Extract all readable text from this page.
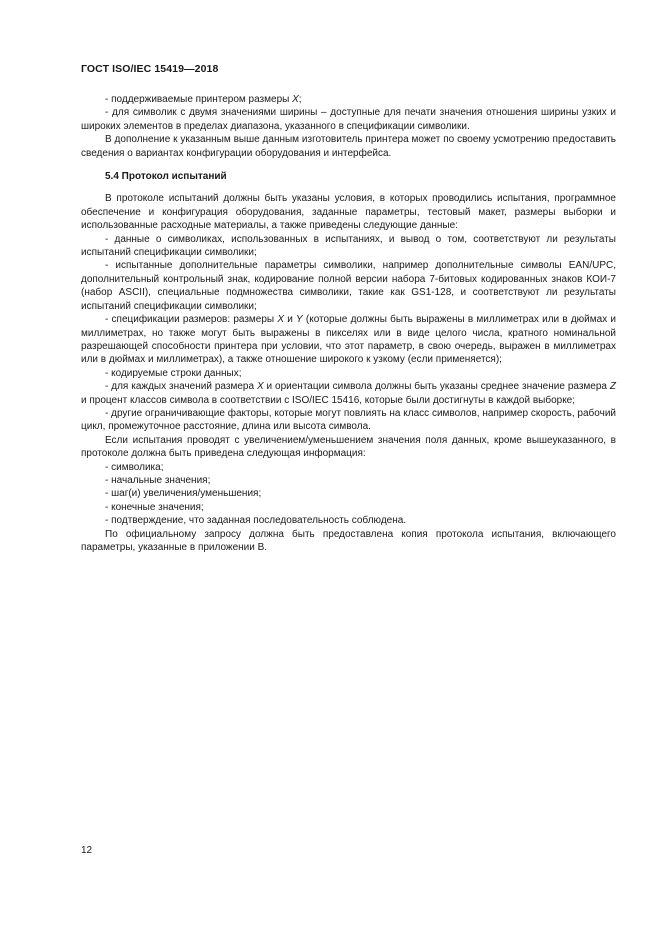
ГОСТ ISO/IEC 15419—2018

- поддерживаемые принтером размеры X;

- для символик с двумя значениями ширины – доступные для печати значения отношения ширины узких и широких элементов в пределах диапазона, указанного в спецификации символики.

В дополнение к указанным выше данным изготовитель принтера может по своему усмотрению предоставить сведения о вариантах конфигурации оборудования и интерфейса.

5.4 Протокол испытаний

В протоколе испытаний должны быть указаны условия, в которых проводились испытания, программное обеспечение и конфигурация оборудования, заданные параметры, тестовый макет, размеры выборки и использованные расходные материалы, а также приведены следующие данные:

- данные о символиках, использованных в испытаниях, и вывод о том, соответствуют ли результаты испытаний спецификации символики;

- испытанные дополнительные параметры символики, например дополнительные символы EAN/UPC, дополнительный контрольный знак, кодирование полной версии набора 7-битовых кодированных знаков КОИ-7 (набор ASCII), специальные подмножества символики, такие как GS1-128, и соответствуют ли результаты испытаний спецификации символики;

- спецификации размеров: размеры X и Y (которые должны быть выражены в миллиметрах или в дюймах и миллиметрах, но также могут быть выражены в пикселях или в виде целого числа, кратного номинальной разрешающей способности принтера при условии, что этот параметр, в свою очередь, выражен в миллиметрах или в дюймах и миллиметрах), а также отношение широкого к узкому (если применяется);

- кодируемые строки данных;

- для каждых значений размера X и ориентации символа должны быть указаны среднее значение размера Z и процент классов символа в соответствии с ISO/IEC 15416, которые были достигнуты в каждой выборке;

- другие ограничивающие факторы, которые могут повлиять на класс символов, например скорость, рабочий цикл, промежуточное расстояние, длина или высота символа.

Если испытания проводят с увеличением/уменьшением значения поля данных, кроме вышеуказанного, в протоколе должна быть приведена следующая информация:

- символика;

- начальные значения;

- шаг(и) увеличения/уменьшения;

- конечные значения;

- подтверждение, что заданная последовательность соблюдена.

По официальному запросу должна быть предоставлена копия протокола испытания, включающего параметры, указанные в приложении В.

12
